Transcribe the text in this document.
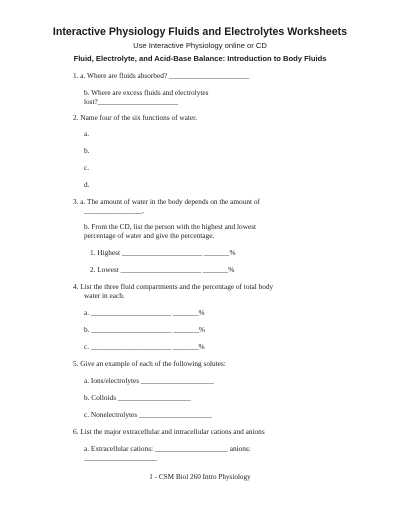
Interactive Physiology Fluids and Electrolytes Worksheets
Use Interactive Physiology online or CD
Fluid, Electrolyte, and Acid-Base Balance: Introduction to Body Fluids
1. a. Where are fluids absorbed? ______________________
b. Where are excess fluids and electrolytes
lost?______________________
2. Name four of the six functions of water.
a.
b.
c.
d.
3. a. The amount of water in the body depends on the amount of
________________.
b. From the CD, list the person with the highest and lowest
percentage of water and give the percentage.
1. Highest ______________________ _______%
2. Lowest ______________________ _______%
4. List the three fluid compartments and the percentage of total body
water in each.
a. ______________________ _______%
b. ______________________ _______%
c. ______________________ _______%
5. Give an example of each of the following solutes:
a. Ions/electrolytes ____________________
b. Colloids ____________________
c. Nonelectrolytes ____________________
6. List the major extracellular and intracellular cations and anions
a. Extracellular cations: ____________________ anions:
____________________
1 - CSM Biol 260 Intro Physiology
